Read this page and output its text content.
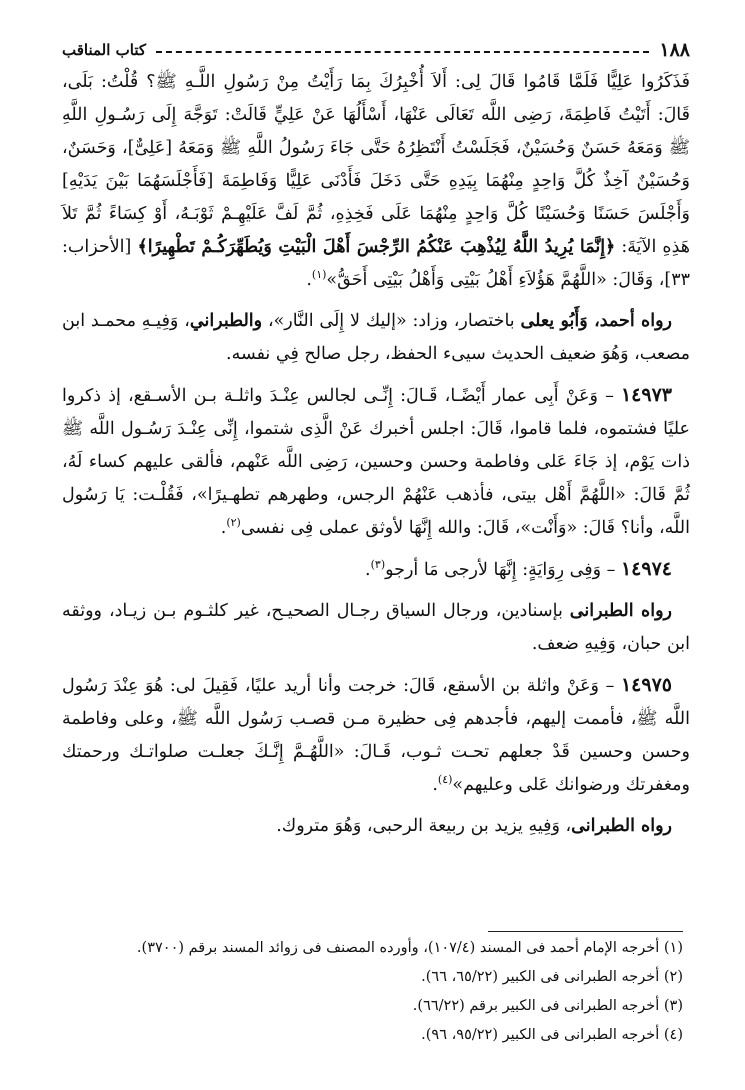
١٨٨
كتاب المناقب

فَذَكَرُوا عَلِيًّا فَلَمَّا قَامُوا قَالَ لِى: أَلاَ أُخْبِرُكَ بِمَا رَأَيْتُ مِنْ رَسُولِ اللَّـهِ ﷺ؟ قُلْتُ: بَلَى، قَالَ: أَتَيْتُ فَاطِمَةَ، رَضِى اللَّه تَعَالَى عَنْهَا، أَسْأَلُهَا عَنْ عَلِيٍّ قَالَتْ: تَوَجَّهَ إِلَى رَسُـولِ اللَّهِ ﷺ وَمَعَهُ حَسَنٌ وَحُسَيْنٌ، فَجَلَسْتُ أَنْتَظِرُهُ حَتَّى جَاءَ رَسُولُ اللَّهِ ﷺ وَمَعَهُ [عَلِىٌّ]، وَحَسَنٌ، وَحُسَيْنٌ آخِذٌ كُلَّ وَاحِدٍ مِنْهُمَا بِيَدِهِ حَتَّى دَخَلَ فَأَدْنَى عَلِيًّا وَفَاطِمَةَ [فَأَجْلَسَهُمَا بَيْنَ يَدَيْهِ] وَأَجْلَسَ حَسَنًا وَحُسَيْنًا كُلَّ وَاحِدٍ مِنْهُمَا عَلَى فَخِذِهِ، ثُمَّ لَفَّ عَلَيْهِـمْ ثَوْبَـهُ، أَوْ كِسَاءً ثُمَّ تَلاَ هَذِهِ الآيَةَ: ﴿إِنَّمَا يُرِيدُ اللَّهُ لِيُذْهِبَ عَنْكُمُ الرِّجْسَ أَهْلَ الْبَيْتِ وَيُطَهِّرَكُـمْ تَطْهِيرًا﴾ [الأحزاب: ٣٣]، وَقَالَ: «اللَّهُمَّ هَؤُلاَءِ أَهْلُ بَيْتِى وَأَهْلُ بَيْتِى أَحَقُّ»$^{(١)}$.

رواه أحمد، وَأَبُو يعلى باختصار، وزاد: «إليك لا إِلَى النَّار»، والطبراني، وَفِيـهِ محمـد ابن مصعب، وَهُوَ ضعيف الحديث سيىء الحفظ، رجل صالح فِي نفسه.

١٤٩٧٣ – وَعَنْ أَبِى عمار أَيْضًـا، قَـالَ: إِنِّـى لجالس عِنْـدَ واثلـة بـن الأسـقع، إذ ذكروا عليًا فشتموه، فلما قاموا، قَالَ: اجلس أخبرك عَنْ الَّذِى شتموا، إِنِّى عِنْـدَ رَسُـول اللَّه ﷺ ذات يَوْم، إذ جَاءَ عَلى وفاطمة وحسن وحسين، رَضِى اللَّه عَنْهم، فألقى عليهم كساء لَهُ، ثُمَّ قَالَ: «اللَّهُمَّ أَهْل بيتى، فأذهب عَنْهُمْ الرجس، وطهرهم تطهـيرًا»، فَقُلْـت: يَا رَسُول اللَّه، وأنا؟ قَالَ: «وَأَنْت»، قَالَ: والله إِنَّهَا لأوثق عملى فِى نفسى$^{(٢)}$.

١٤٩٧٤ – وَفِى رِوَايَةٍ: إِنَّهَا لأرجى مَا أرجو$^{(٣)}$.

رواه الطبرانى بإسنادين، ورجال السياق رجـال الصحيـح، غير كلثـوم بـن زيـاد، ووثقه ابن حبان، وَفِيهِ ضعف.

١٤٩٧٥ – وَعَنْ واثلة بن الأسقع، قَالَ: خرجت وأنا أريد عليًا، فَقِيلَ لى: هُوَ عِنْدَ رَسُول اللَّه ﷺ، فأممت إليهم، فأجدهم فِى حظيرة مـن قصـب رَسُول اللَّه ﷺ، وعلى وفاطمة وحسن وحسين قَدْ جعلهم تحـت ثـوب، قَـالَ: «اللَّهُـمَّ إِنَّـكَ جعلـت صلواتـك ورحمتك ومغفرتك ورضوانك عَلى وعليهم»$^{(٤)}$.

رواه الطبرانى، وَفِيهِ يزيد بن ربيعة الرحبى، وَهُوَ متروك.

(١) أخرجه الإمام أحمد فى المسند (١٠٧/٤)، وأورده المصنف فى زوائد المسند برقم (٣٧٠٠).

(٢) أخرجه الطبرانى فى الكبير (٦٥/٢٢، ٦٦).

(٣) أخرجه الطبرانى فى الكبير برقم (٦٦/٢٢).

(٤) أخرجه الطبرانى فى الكبير (٩٥/٢٢، ٩٦).
